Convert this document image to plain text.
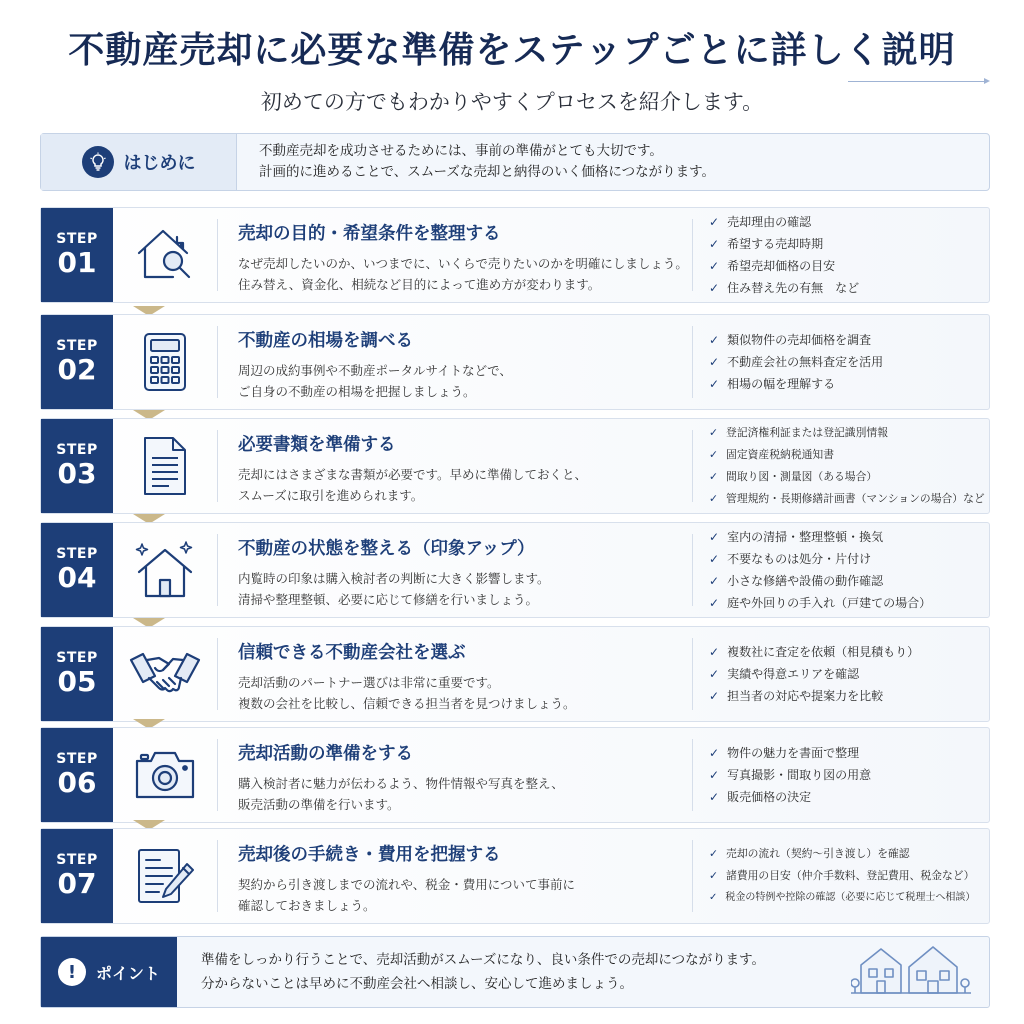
不動産売却に必要な準備をステップごとに詳しく説明
初めての方でもわかりやすくプロセスを紹介します。
はじめに
不動産売却を成功させるためには、事前の準備がとても大切です。
計画的に進めることで、スムーズな売却と納得のいく価格につながります。
STEP
01
売却の目的・希望条件を整理する
なぜ売却したいのか、いつまでに、いくらで売りたいのかを明確にしましょう。
住み替え、資金化、相続など目的によって進め方が変わります。
✓ 売却理由の確認
✓ 希望する売却時期
✓ 希望売却価格の目安
✓ 住み替え先の有無　など
STEP
02
不動産の相場を調べる
周辺の成約事例や不動産ポータルサイトなどで、
ご自身の不動産の相場を把握しましょう。
✓ 類似物件の売却価格を調査
✓ 不動産会社の無料査定を活用
✓ 相場の幅を理解する
STEP
03
必要書類を準備する
売却にはさまざまな書類が必要です。早めに準備しておくと、
スムーズに取引を進められます。
✓ 登記済権利証または登記識別情報
✓ 固定資産税納税通知書
✓ 間取り図・測量図（ある場合）
✓ 管理規約・長期修繕計画書（マンションの場合）など
STEP
04
不動産の状態を整える（印象アップ）
内覧時の印象は購入検討者の判断に大きく影響します。
清掃や整理整頓、必要に応じて修繕を行いましょう。
✓ 室内の清掃・整理整頓・換気
✓ 不要なものは処分・片付け
✓ 小さな修繕や設備の動作確認
✓ 庭や外回りの手入れ（戸建ての場合）
STEP
05
信頼できる不動産会社を選ぶ
売却活動のパートナー選びは非常に重要です。
複数の会社を比較し、信頼できる担当者を見つけましょう。
✓ 複数社に査定を依頼（相見積もり）
✓ 実績や得意エリアを確認
✓ 担当者の対応や提案力を比較
STEP
06
売却活動の準備をする
購入検討者に魅力が伝わるよう、物件情報や写真を整え、
販売活動の準備を行います。
✓ 物件の魅力を書面で整理
✓ 写真撮影・間取り図の用意
✓ 販売価格の決定
STEP
07
売却後の手続き・費用を把握する
契約から引き渡しまでの流れや、税金・費用について事前に
確認しておきましょう。
✓ 売却の流れ（契約～引き渡し）を確認
✓ 諸費用の目安（仲介手数料、登記費用、税金など）
✓ 税金の特例や控除の確認（必要に応じて税理士へ相談）
!	ポイント
準備をしっかり行うことで、売却活動がスムーズになり、良い条件での売却につながります。
分からないことは早めに不動産会社へ相談し、安心して進めましょう。
